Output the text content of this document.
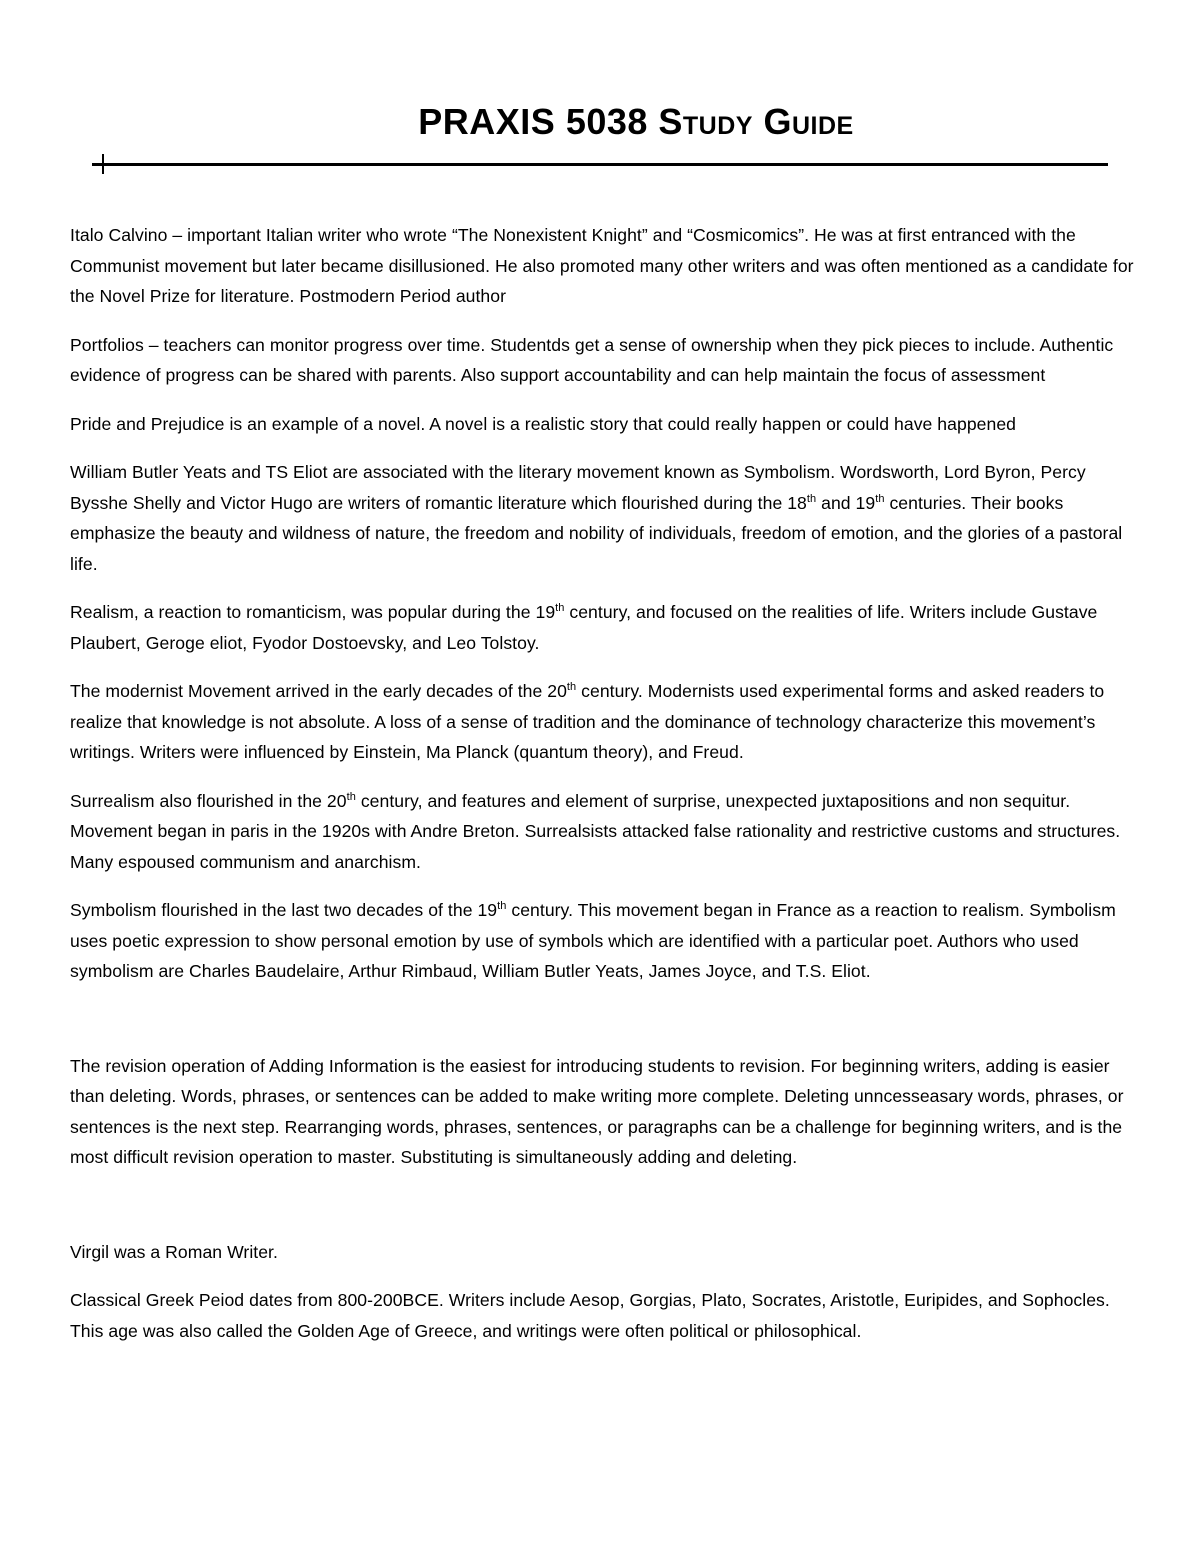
PRAXIS 5038 Study Guide

Italo Calvino – important Italian writer who wrote “The Nonexistent Knight” and “Cosmicomics”. He was at first entranced with the Communist movement but later became disillusioned. He also promoted many other writers and was often mentioned as a candidate for the Novel Prize for literature. Postmodern Period author

Portfolios – teachers can monitor progress over time. Studentds get a sense of ownership when they pick pieces to include. Authentic evidence of progress can be shared with parents. Also support accountability and can help maintain the focus of assessment

Pride and Prejudice is an example of a novel. A novel is a realistic story that could really happen or could have happened

William Butler Yeats and TS Eliot are associated with the literary movement known as Symbolism. Wordsworth, Lord Byron, Percy Bysshe Shelly and Victor Hugo are writers of romantic literature which flourished during the 18th and 19th centuries. Their books emphasize the beauty and wildness of nature, the freedom and nobility of individuals, freedom of emotion, and the glories of a pastoral life.

Realism, a reaction to romanticism, was popular during the 19th century, and focused on the realities of life. Writers include Gustave Plaubert, Geroge eliot, Fyodor Dostoevsky, and Leo Tolstoy.

The modernist Movement arrived in the early decades of the 20th century. Modernists used experimental forms and asked readers to realize that knowledge is not absolute. A loss of a sense of tradition and the dominance of technology characterize this movement’s writings. Writers were influenced by Einstein, Ma Planck (quantum theory), and Freud.

Surrealism also flourished in the 20th century, and features and element of surprise, unexpected juxtapositions and non sequitur. Movement began in paris in the 1920s with Andre Breton. Surrealsists attacked false rationality and restrictive customs and structures. Many espoused communism and anarchism.

Symbolism flourished in the last two decades of the 19th century. This movement began in France as a reaction to realism. Symbolism uses poetic expression to show personal emotion by use of symbols which are identified with a particular poet. Authors who used symbolism are Charles Baudelaire, Arthur Rimbaud, William Butler Yeats, James Joyce, and T.S. Eliot.

The revision operation of Adding Information is the easiest for introducing students to revision. For beginning writers, adding is easier than deleting. Words, phrases, or sentences can be added to make writing more complete. Deleting unncesseasary words, phrases, or sentences is the next step. Rearranging words, phrases, sentences, or paragraphs can be a challenge for beginning writers, and is the most difficult revision operation to master. Substituting is simultaneously adding and deleting.

Virgil was a Roman Writer.

Classical Greek Peiod dates from 800-200BCE. Writers include Aesop, Gorgias, Plato, Socrates, Aristotle, Euripides, and Sophocles. This age was also called the Golden Age of Greece, and writings were often political or philosophical.
